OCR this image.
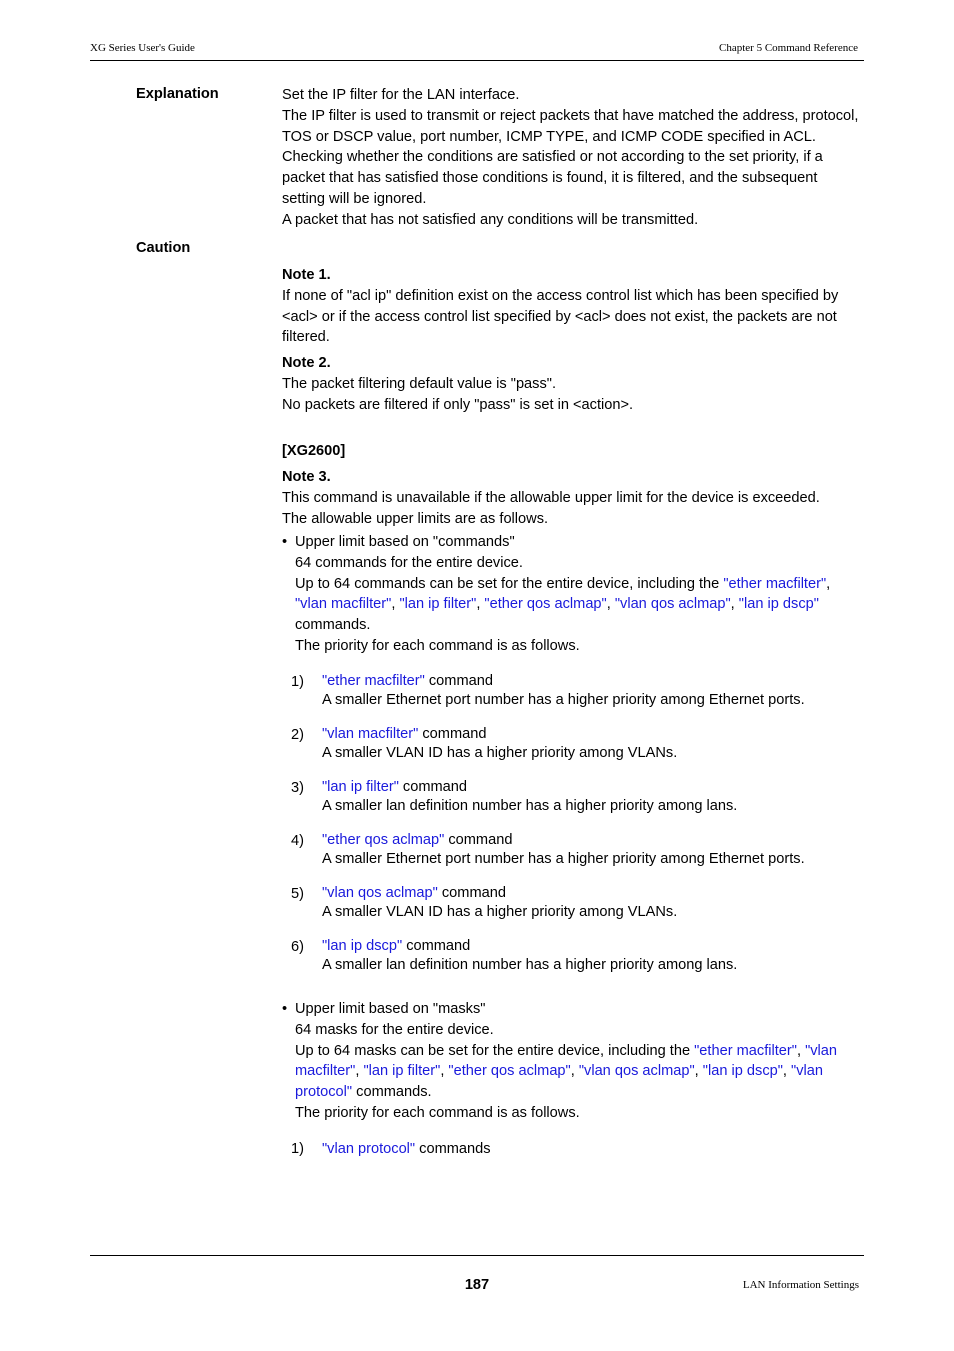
XG Series User's Guide	Chapter 5 Command Reference
Explanation	Set the IP filter for the LAN interface.
The IP filter is used to transmit or reject packets that have matched the address, protocol,
TOS or DSCP value, port number, ICMP TYPE, and ICMP CODE specified in ACL.
Checking whether the conditions are satisfied or not according to the set priority, if a
packet that has satisfied those conditions is found, it is filtered, and the subsequent
setting will be ignored.
A packet that has not satisfied any conditions will be transmitted.
Caution
Note 1.
If none of "acl ip" definition exist on the access control list which has been specified by
<acl> or if the access control list specified by <acl> does not exist, the packets are not
filtered.
Note 2.
The packet filtering default value is "pass".
No packets are filtered if only "pass" is set in <action>.
[XG2600]
Note 3.
This command is unavailable if the allowable upper limit for the device is exceeded.
The allowable upper limits are as follows.
• Upper limit based on "commands"
64 commands for the entire device.
Up to 64 commands can be set for the entire device, including the "ether macfilter",
"vlan macfilter", "lan ip filter", "ether qos aclmap", "vlan qos aclmap", "lan ip dscp"
commands.
The priority for each command is as follows.
1) "ether macfilter" command
A smaller Ethernet port number has a higher priority among Ethernet ports.
2) "vlan macfilter" command
A smaller VLAN ID has a higher priority among VLANs.
3) "lan ip filter" command
A smaller lan definition number has a higher priority among lans.
4) "ether qos aclmap" command
A smaller Ethernet port number has a higher priority among Ethernet ports.
5) "vlan qos aclmap" command
A smaller VLAN ID has a higher priority among VLANs.
6) "lan ip dscp" command
A smaller lan definition number has a higher priority among lans.
• Upper limit based on "masks"
64 masks for the entire device.
Up to 64 masks can be set for the entire device, including the "ether macfilter", "vlan
macfilter", "lan ip filter", "ether qos aclmap", "vlan qos aclmap", "lan ip dscp", "vlan
protocol" commands.
The priority for each command is as follows.
1) "vlan protocol" commands
187	LAN Information Settings
